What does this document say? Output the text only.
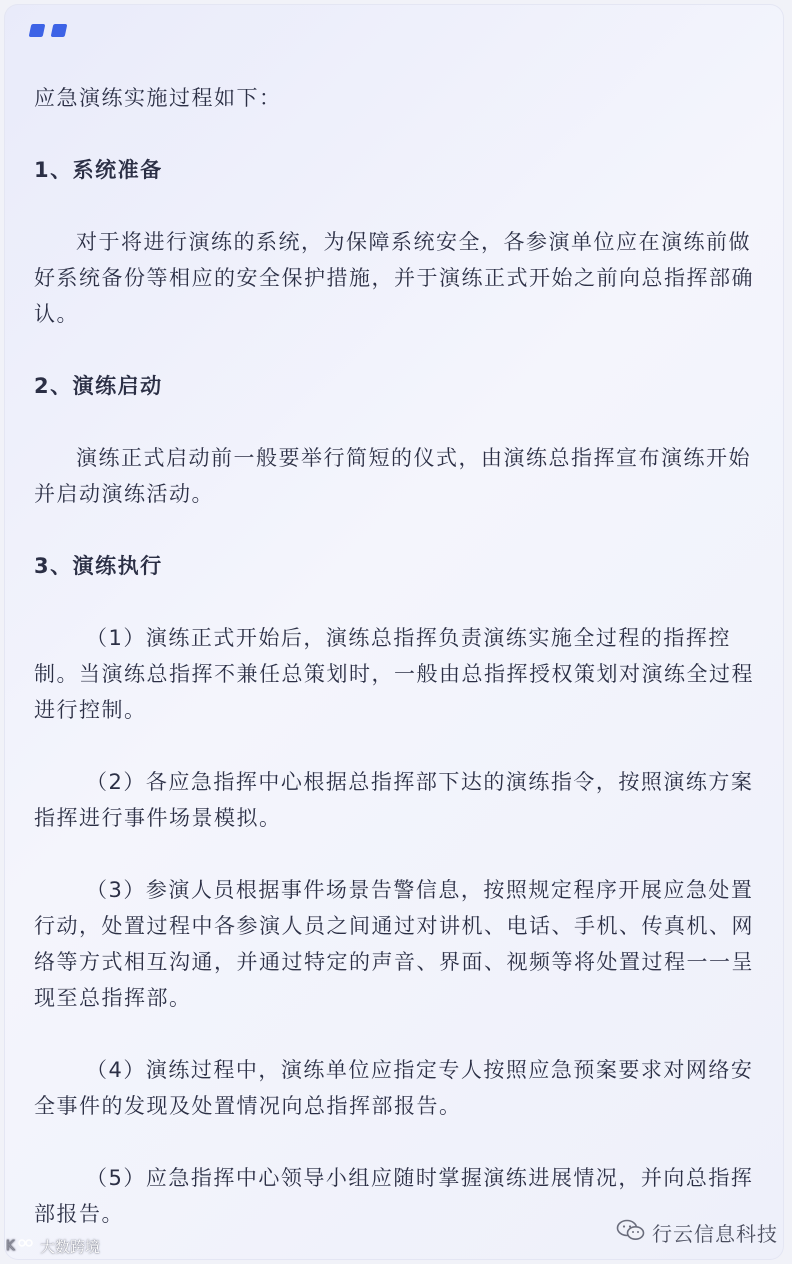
应急演练实施过程如下：

1、系统准备

对于将进行演练的系统，为保障系统安全，各参演单位应在演练前做好系统备份等相应的安全保护措施，并于演练正式开始之前向总指挥部确认。

2、演练启动

演练正式启动前一般要举行简短的仪式，由演练总指挥宣布演练开始并启动演练活动。

3、演练执行

（1）演练正式开始后，演练总指挥负责演练实施全过程的指挥控制。当演练总指挥不兼任总策划时，一般由总指挥授权策划对演练全过程进行控制。

（2）各应急指挥中心根据总指挥部下达的演练指令，按照演练方案指挥进行事件场景模拟。

（3）参演人员根据事件场景告警信息，按照规定程序开展应急处置行动，处置过程中各参演人员之间通过对讲机、电话、手机、传真机、网络等方式相互沟通，并通过特定的声音、界面、视频等将处置过程一一呈现至总指挥部。

（4）演练过程中，演练单位应指定专人按照应急预案要求对网络安全事件的发现及处置情况向总指挥部报告。

（5）应急指挥中心领导小组应随时掌握演练进展情况，并向总指挥部报告。

行云信息科技
K 大数跨境
